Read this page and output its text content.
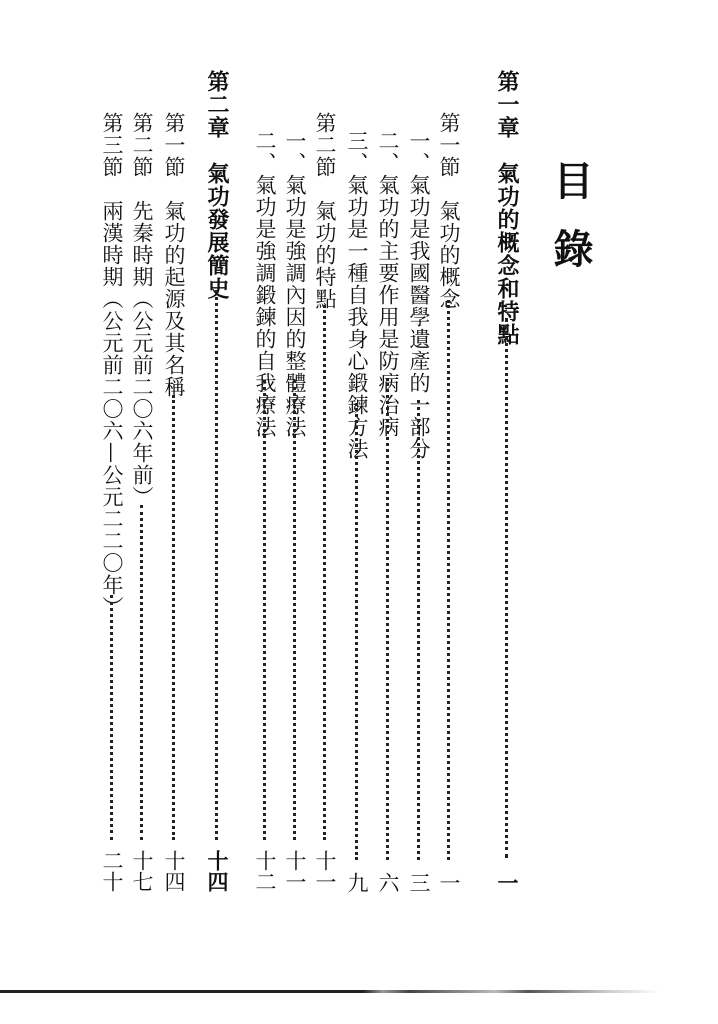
目錄
第一章　氣功的概念和特點
一
第一節　氣功的概念
一
一、氣功是我國醫學遺產的一部分
三
二、氣功的主要作用是防病治病
六
三、氣功是一種自我身心鍛鍊方法
九
第二節　氣功的特點
十一
一、氣功是強調內因的整體療法
十一
二、氣功是強調鍛鍊的自我療法
十二
第二章　氣功發展簡史
十四
第一節　氣功的起源及其名稱
十四
第二節　先秦時期（公元前二〇六年前）
十七
第三節　兩漢時期（公元前二〇六—公元二二〇年）
二十
